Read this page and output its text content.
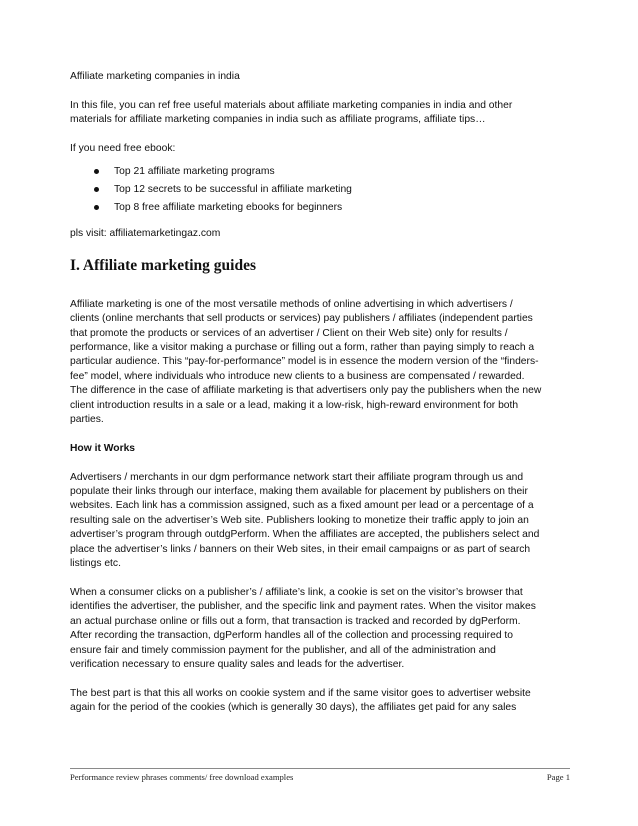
Affiliate marketing companies in india

In this file, you can ref free useful materials about affiliate marketing companies in india and other

materials for affiliate marketing companies in india such as affiliate programs, affiliate tips…

If you need free ebook:

Top 21 affiliate marketing programs
Top 12 secrets to be successful in affiliate marketing
Top 8 free affiliate marketing ebooks for beginners

pls visit: affiliatemarketingaz.com

I. Affiliate marketing guides

Affiliate marketing is one of the most versatile methods of online advertising in which advertisers /

clients (online merchants that sell products or services) pay publishers / affiliates (independent parties

that promote the products or services of an advertiser / Client on their Web site) only for results /

performance, like a visitor making a purchase or filling out a form, rather than paying simply to reach a

particular audience. This “pay-for-performance” model is in essence the modern version of the “finders-

fee” model, where individuals who introduce new clients to a business are compensated / rewarded.

The difference in the case of affiliate marketing is that advertisers only pay the publishers when the new

client introduction results in a sale or a lead, making it a low-risk, high-reward environment for both

parties.

How it Works

Advertisers / merchants in our dgm performance network start their affiliate program through us and

populate their links through our interface, making them available for placement by publishers on their

websites. Each link has a commission assigned, such as a fixed amount per lead or a percentage of a

resulting sale on the advertiser’s Web site. Publishers looking to monetize their traffic apply to join an

advertiser’s program through outdgPerform. When the affiliates are accepted, the publishers select and

place the advertiser’s links / banners on their Web sites, in their email campaigns or as part of search

listings etc.

When a consumer clicks on a publisher’s / affiliate’s link, a cookie is set on the visitor’s browser that

identifies the advertiser, the publisher, and the specific link and payment rates. When the visitor makes

an actual purchase online or fills out a form, that transaction is tracked and recorded by dgPerform.

After recording the transaction, dgPerform handles all of the collection and processing required to

ensure fair and timely commission payment for the publisher, and all of the administration and

verification necessary to ensure quality sales and leads for the advertiser.

The best part is that this all works on cookie system and if the same visitor goes to advertiser website

again for the period of the cookies (which is generally 30 days), the affiliates get paid for any sales

Performance review phrases comments/ free download examples	Page 1
